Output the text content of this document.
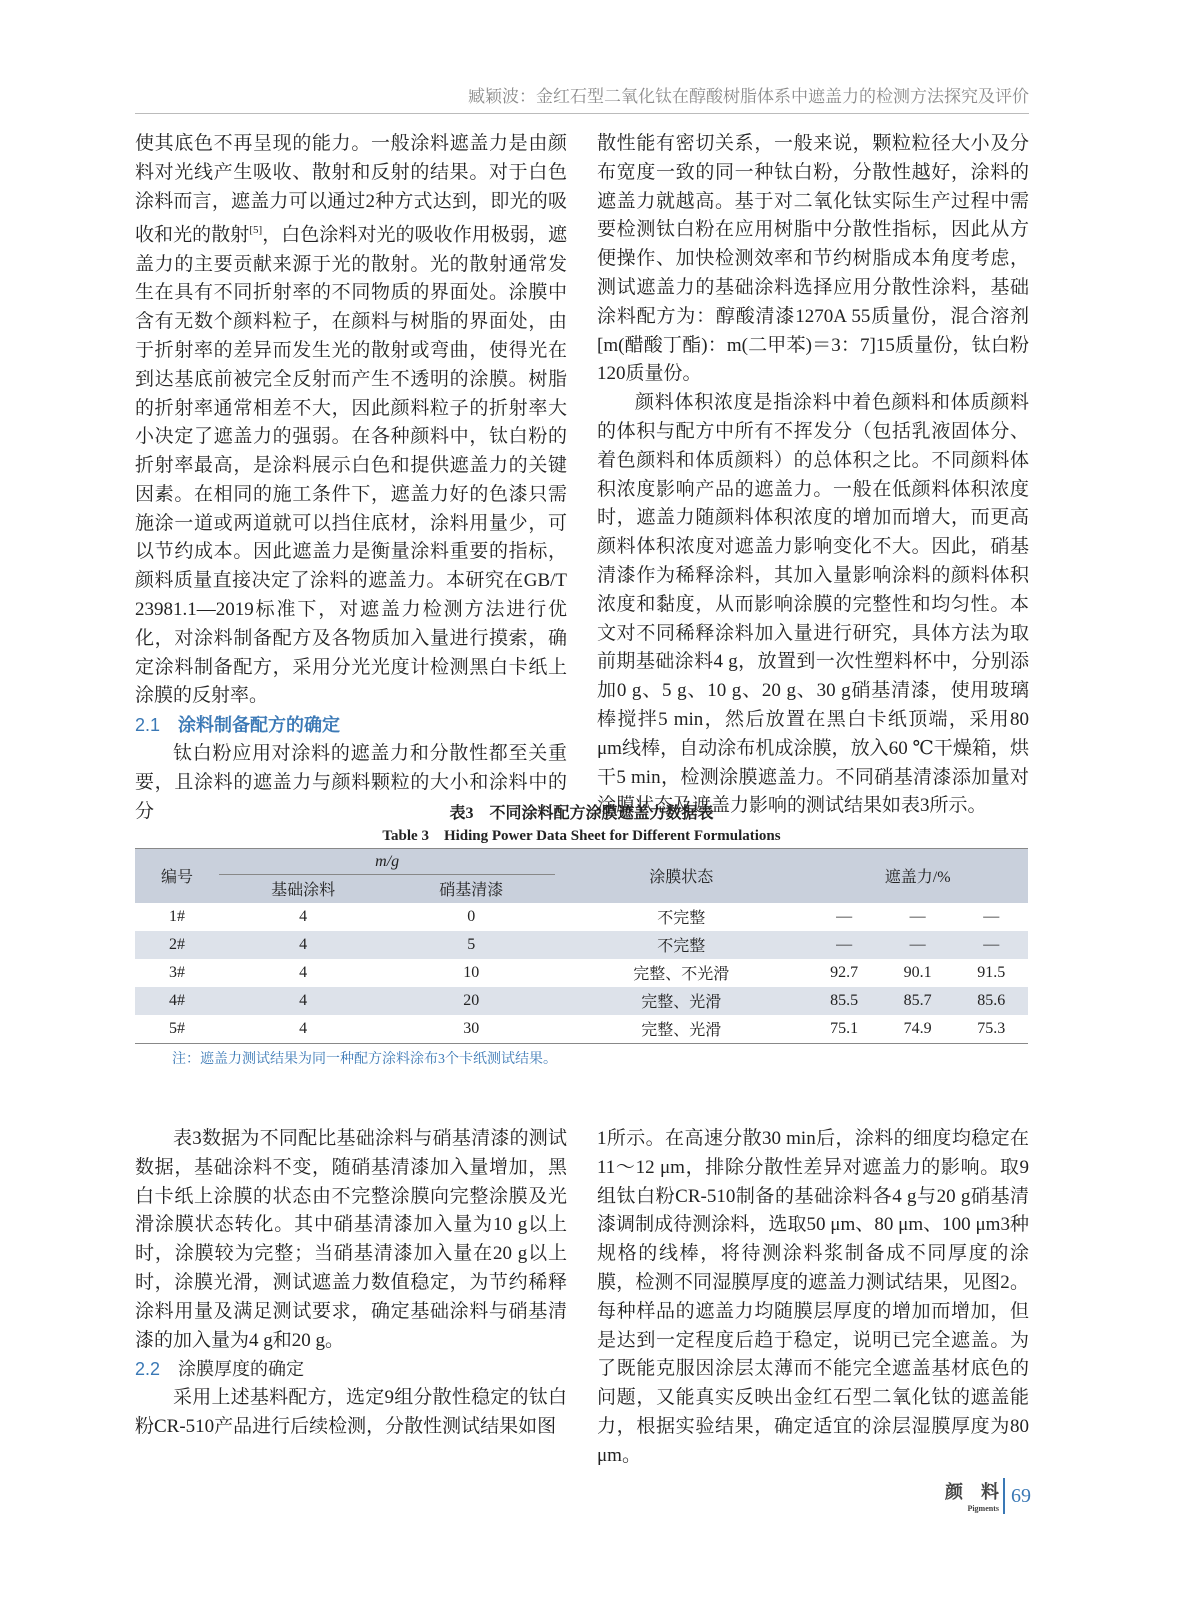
臧颖波：金红石型二氧化钛在醇酸树脂体系中遮盖力的检测方法探究及评价

使其底色不再呈现的能力。一般涂料遮盖力是由颜料对光线产生吸收、散射和反射的结果。对于白色涂料而言，遮盖力可以通过2种方式达到，即光的吸收和光的散射[5]，白色涂料对光的吸收作用极弱，遮盖力的主要贡献来源于光的散射。光的散射通常发生在具有不同折射率的不同物质的界面处。涂膜中含有无数个颜料粒子，在颜料与树脂的界面处，由于折射率的差异而发生光的散射或弯曲，使得光在到达基底前被完全反射而产生不透明的涂膜。树脂的折射率通常相差不大，因此颜料粒子的折射率大小决定了遮盖力的强弱。在各种颜料中，钛白粉的折射率最高，是涂料展示白色和提供遮盖力的关键因素。在相同的施工条件下，遮盖力好的色漆只需施涂一道或两道就可以挡住底材，涂料用量少，可以节约成本。因此遮盖力是衡量涂料重要的指标，颜料质量直接决定了涂料的遮盖力。本研究在GB/T 23981.1—2019标准下，对遮盖力检测方法进行优化，对涂料制备配方及各物质加入量进行摸索，确定涂料制备配方，采用分光光度计检测黑白卡纸上涂膜的反射率。

2.1 涂料制备配方的确定

钛白粉应用对涂料的遮盖力和分散性都至关重要，且涂料的遮盖力与颜料颗粒的大小和涂料中的分

散性能有密切关系，一般来说，颗粒粒径大小及分布宽度一致的同一种钛白粉，分散性越好，涂料的遮盖力就越高。基于对二氧化钛实际生产过程中需要检测钛白粉在应用树脂中分散性指标，因此从方便操作、加快检测效率和节约树脂成本角度考虑，测试遮盖力的基础涂料选择应用分散性涂料，基础涂料配方为：醇酸清漆1270A 55质量份，混合溶剂[m(醋酸丁酯)：m(二甲苯)＝3：7]15质量份，钛白粉120质量份。

颜料体积浓度是指涂料中着色颜料和体质颜料的体积与配方中所有不挥发分（包括乳液固体分、着色颜料和体质颜料）的总体积之比。不同颜料体积浓度影响产品的遮盖力。一般在低颜料体积浓度时，遮盖力随颜料体积浓度的增加而增大，而更高颜料体积浓度对遮盖力影响变化不大。因此，硝基清漆作为稀释涂料，其加入量影响涂料的颜料体积浓度和黏度，从而影响涂膜的完整性和均匀性。本文对不同稀释涂料加入量进行研究，具体方法为取前期基础涂料4 g，放置到一次性塑料杯中，分别添加0 g、5 g、10 g、20 g、30 g硝基清漆，使用玻璃棒搅拌5 min，然后放置在黑白卡纸顶端，采用80 μm线棒，自动涂布机成涂膜，放入60 ℃干燥箱，烘干5 min，检测涂膜遮盖力。不同硝基清漆添加量对涂膜状态及遮盖力影响的测试结果如表3所示。

表3　不同涂料配方涂膜遮盖力数据表
Table 3　Hiding Power Data Sheet for Different Formulations
编号	m/g		涂膜状态	遮盖力/%		
	基础涂料	硝基清漆				
1#	4	0	不完整	—	—	—
2#	4	5	不完整	—	—	—
3#	4	10	完整、不光滑	92.7	90.1	91.5
4#	4	20	完整、光滑	85.5	85.7	85.6
5#	4	30	完整、光滑	75.1	74.9	75.3
注：遮盖力测试结果为同一种配方涂料涂布3个卡纸测试结果。

表3数据为不同配比基础涂料与硝基清漆的测试数据，基础涂料不变，随硝基清漆加入量增加，黑白卡纸上涂膜的状态由不完整涂膜向完整涂膜及光滑涂膜状态转化。其中硝基清漆加入量为10 g以上时，涂膜较为完整；当硝基清漆加入量在20 g以上时，涂膜光滑，测试遮盖力数值稳定，为节约稀释涂料用量及满足测试要求，确定基础涂料与硝基清漆的加入量为4 g和20 g。

2.2 涂膜厚度的确定

采用上述基料配方，选定9组分散性稳定的钛白粉CR-510产品进行后续检测，分散性测试结果如图

1所示。在高速分散30 min后，涂料的细度均稳定在11～12 μm，排除分散性差异对遮盖力的影响。取9组钛白粉CR-510制备的基础涂料各4 g与20 g硝基清漆调制成待测涂料，选取50 μm、80 μm、100 μm3种规格的线棒，将待测涂料浆制备成不同厚度的涂膜，检测不同湿膜厚度的遮盖力测试结果，见图2。每种样品的遮盖力均随膜层厚度的增加而增加，但是达到一定程度后趋于稳定，说明已完全遮盖。为了既能克服因涂层太薄而不能完全遮盖基材底色的问题，又能真实反映出金红石型二氧化钛的遮盖能力，根据实验结果，确定适宜的涂层湿膜厚度为80 μm。

颜　料
Pigments
69
